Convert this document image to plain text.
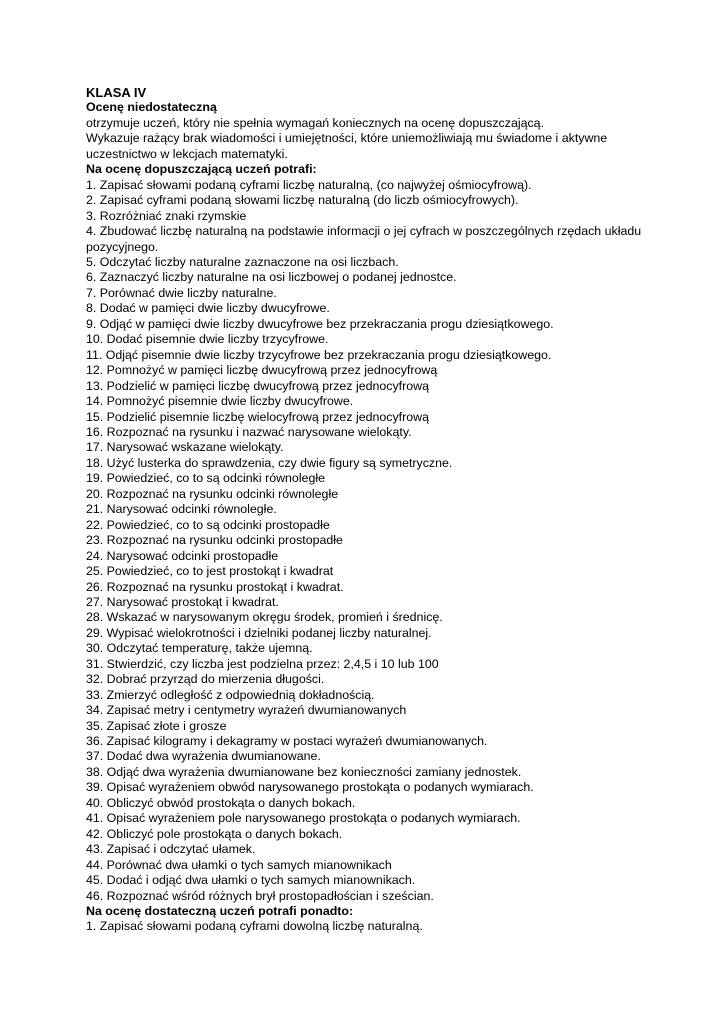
KLASA IV
Ocenę niedostateczną
otrzymuje uczeń, który nie spełnia wymagań koniecznych na ocenę dopuszczającą.
Wykazuje rażący brak wiadomości i umiejętności, które uniemożliwiają mu świadome i aktywne uczestnictwo w lekcjach matematyki.
Na ocenę dopuszczającą uczeń potrafi:
1. Zapisać słowami podaną cyframi liczbę naturalną, (co najwyżej ośmiocyfrową).
2. Zapisać cyframi podaną słowami liczbę naturalną (do liczb ośmiocyfrowych).
3. Rozróżniać znaki rzymskie
4. Zbudować liczbę naturalną na podstawie informacji o jej cyfrach w poszczególnych rzędach układu pozycyjnego.
5. Odczytać liczby naturalne zaznaczone na osi liczbach.
6. Zaznaczyć liczby naturalne na osi liczbowej o podanej jednostce.
7. Porównać dwie liczby naturalne.
8. Dodać w pamięci dwie liczby dwucyfrowe.
9. Odjąć w pamięci dwie liczby dwucyfrowe bez przekraczania progu dziesiątkowego.
10. Dodać pisemnie dwie liczby trzycyfrowe.
11. Odjąć pisemnie dwie liczby trzycyfrowe bez przekraczania progu dziesiątkowego.
12. Pomnożyć w pamięci liczbę dwucyfrową przez jednocyfrową
13. Podzielić w pamięci liczbę dwucyfrową przez jednocyfrową
14. Pomnożyć pisemnie dwie liczby dwucyfrowe.
15. Podzielić pisemnie liczbę wielocyfrową przez jednocyfrową
16. Rozpoznać na rysunku i nazwać narysowane wielokąty.
17. Narysować wskazane wielokąty.
18. Użyć lusterka do sprawdzenia, czy dwie figury są symetryczne.
19. Powiedzieć, co to są odcinki równoległe
20. Rozpoznać na rysunku odcinki równoległe
21. Narysować odcinki równoległe.
22. Powiedzieć, co to są odcinki prostopadłe
23. Rozpoznać na rysunku odcinki prostopadłe
24. Narysować odcinki prostopadłe
25. Powiedzieć, co to jest prostokąt i kwadrat
26. Rozpoznać na rysunku prostokąt i kwadrat.
27. Narysować prostokąt i kwadrat.
28. Wskazać w narysowanym okręgu środek, promień i średnicę.
29. Wypisać wielokrotności i dzielniki podanej liczby naturalnej.
30. Odczytać temperaturę, także ujemną.
31. Stwierdzić, czy liczba jest podzielna przez: 2,4,5 i 10 lub 100
32. Dobrać przyrząd do mierzenia długości.
33. Zmierzyć odległość z odpowiednią dokładnością.
34. Zapisać metry i centymetry wyrażeń dwumianowanych
35. Zapisać złote i grosze
36. Zapisać kilogramy i dekagramy w postaci wyrażeń dwumianowanych.
37. Dodać dwa wyrażenia dwumianowane.
38. Odjąć dwa wyrażenia dwumianowane bez konieczności zamiany jednostek.
39. Opisać wyrażeniem obwód narysowanego prostokąta o podanych wymiarach.
40. Obliczyć obwód prostokąta o danych bokach.
41. Opisać wyrażeniem pole narysowanego prostokąta o podanych wymiarach.
42. Obliczyć pole prostokąta o danych bokach.
43. Zapisać i odczytać ułamek.
44. Porównać dwa ułamki o tych samych mianownikach
45. Dodać i odjąć dwa ułamki o tych samych mianownikach.
46. Rozpoznać wśród różnych brył prostopadłościan i sześcian.
Na ocenę dostateczną uczeń potrafi ponadto:
1. Zapisać słowami podaną cyframi dowolną liczbę naturalną.
